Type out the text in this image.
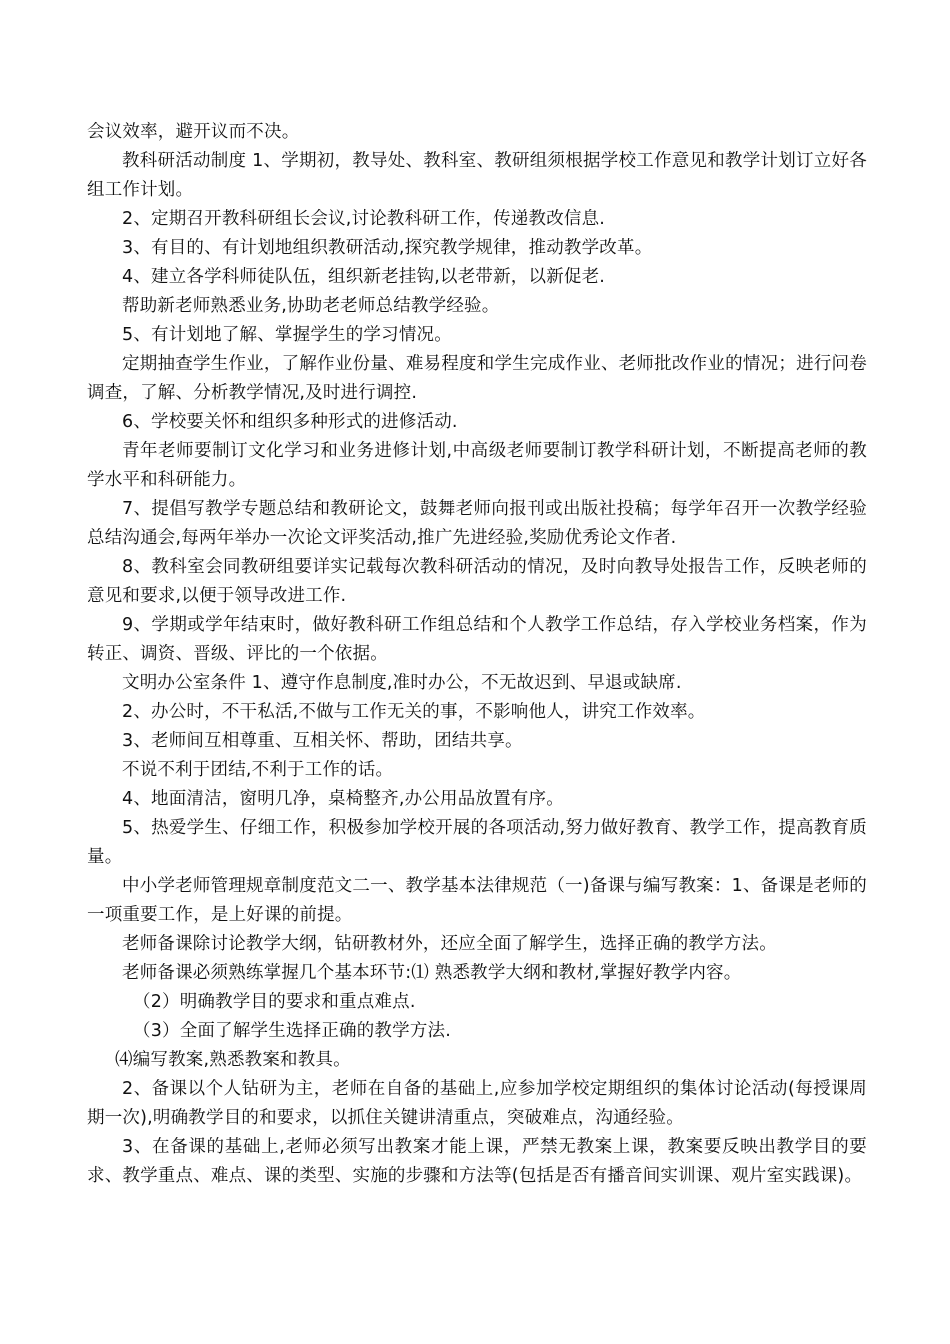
会议效率，避开议而不决。

教科研活动制度 1、学期初，教导处、教科室、教研组须根据学校工作意见和教学计划订立好各组工作计划。

2、定期召开教科研组长会议,讨论教科研工作，传递教改信息.

3、有目的、有计划地组织教研活动,探究教学规律，推动教学改革。

4、建立各学科师徒队伍，组织新老挂钩,以老带新，以新促老.

帮助新老师熟悉业务,协助老老师总结教学经验。

5、有计划地了解、掌握学生的学习情况。

定期抽查学生作业，了解作业份量、难易程度和学生完成作业、老师批改作业的情况；进行问卷调查，了解、分析教学情况,及时进行调控.

6、学校要关怀和组织多种形式的进修活动.

青年老师要制订文化学习和业务进修计划,中高级老师要制订教学科研计划，不断提高老师的教学水平和科研能力。

7、提倡写教学专题总结和教研论文，鼓舞老师向报刊或出版社投稿；每学年召开一次教学经验总结沟通会,每两年举办一次论文评奖活动,推广先进经验,奖励优秀论文作者.

8、教科室会同教研组要详实记载每次教科研活动的情况，及时向教导处报告工作，反映老师的意见和要求,以便于领导改进工作.

9、学期或学年结束时，做好教科研工作组总结和个人教学工作总结，存入学校业务档案，作为转正、调资、晋级、评比的一个依据。

文明办公室条件 1、遵守作息制度,准时办公，不无故迟到、早退或缺席.

2、办公时，不干私活,不做与工作无关的事，不影响他人，讲究工作效率。

3、老师间互相尊重、互相关怀、帮助，团结共享。

不说不利于团结,不利于工作的话。

4、地面清洁，窗明几净，桌椅整齐,办公用品放置有序。

5、热爱学生、仔细工作，积极参加学校开展的各项活动,努力做好教育、教学工作，提高教育质量。

中小学老师管理规章制度范文二一、教学基本法律规范（一)备课与编写教案：1、备课是老师的一项重要工作，是上好课的前提。

老师备课除讨论教学大纲，钻研教材外，还应全面了解学生，选择正确的教学方法。

老师备课必须熟练掌握几个基本环节:⑴ 熟悉教学大纲和教材,掌握好教学内容。

（2）明确教学目的要求和重点难点.

（3）全面了解学生选择正确的教学方法.

⑷编写教案,熟悉教案和教具。

2、备课以个人钻研为主，老师在自备的基础上,应参加学校定期组织的集体讨论活动(每授课周期一次),明确教学目的和要求，以抓住关键讲清重点，突破难点，沟通经验。

3、在备课的基础上,老师必须写出教案才能上课，严禁无教案上课，教案要反映出教学目的要求、教学重点、难点、课的类型、实施的步骤和方法等(包括是否有播音间实训课、观片室实践课)。
